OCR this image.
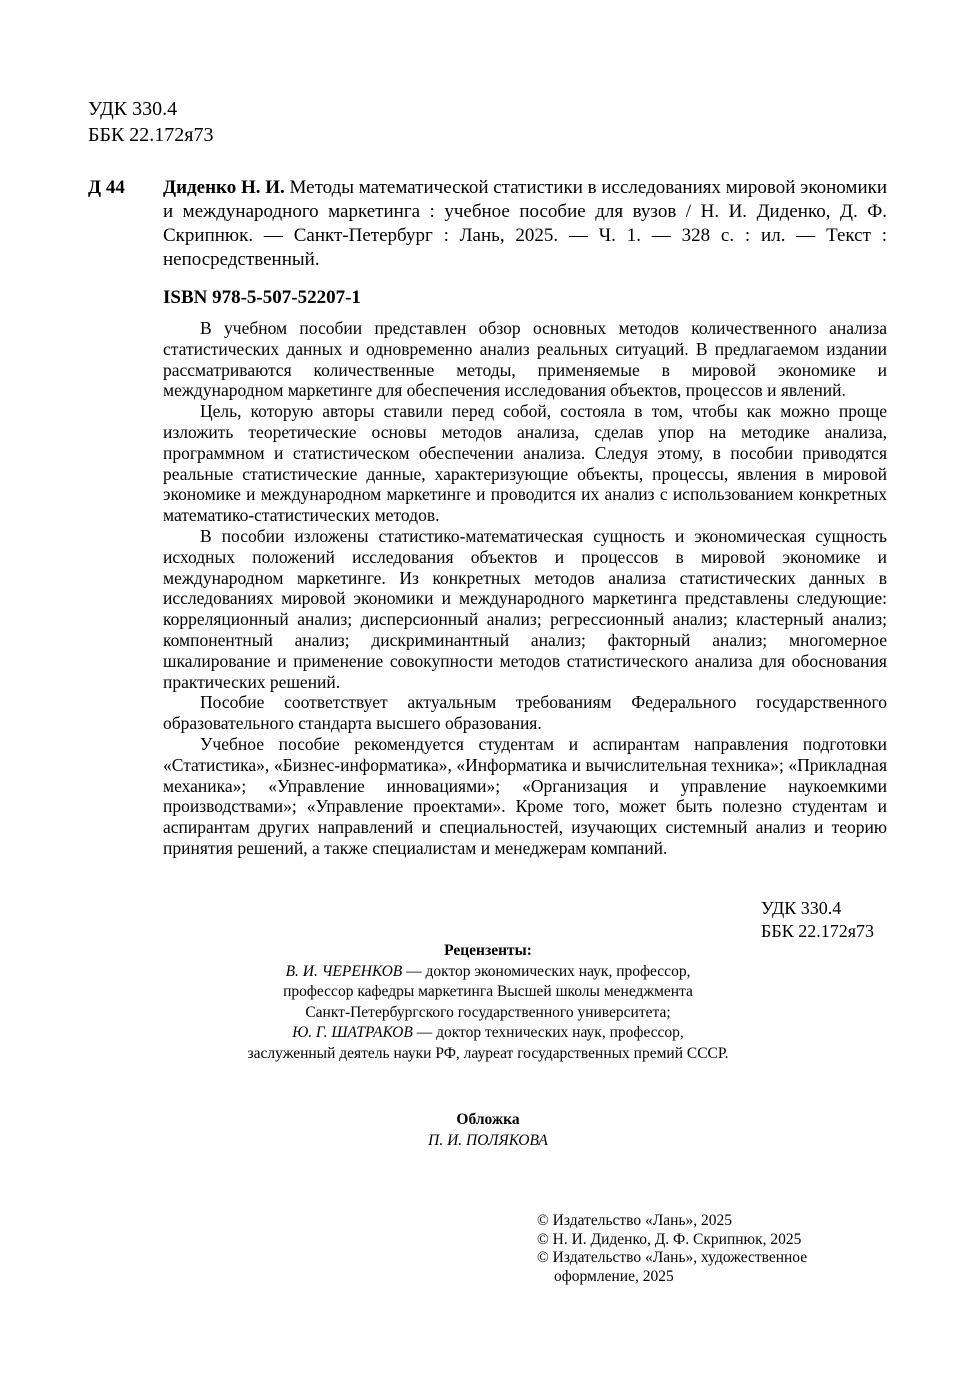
УДК 330.4
ББК 22.172я73
Д 44 Диденко Н. И. Методы математической статистики в исследованиях мировой экономики и международного маркетинга : учебное пособие для вузов / Н. И. Диденко, Д. Ф. Скрипнюк. — Санкт-Петербург : Лань, 2025. — Ч. 1. — 328 с. : ил. — Текст : непосредственный.
ISBN 978-5-507-52207-1

В учебном пособии представлен обзор основных методов количественного анализа статистических данных и одновременно анализ реальных ситуаций. В предлагаемом издании рассматриваются количественные методы, применяемые в мировой экономике и международном маркетинге для обеспечения исследования объектов, процессов и явлений.

Цель, которую авторы ставили перед собой, состояла в том, чтобы как можно проще изложить теоретические основы методов анализа, сделав упор на методике анализа, программном и статистическом обеспечении анализа. Следуя этому, в пособии приводятся реальные статистические данные, характеризующие объекты, процессы, явления в мировой экономике и международном маркетинге и проводится их анализ с использованием конкретных математико-статистических методов.

В пособии изложены статистико-математическая сущность и экономическая сущность исходных положений исследования объектов и процессов в мировой экономике и международном маркетинге. Из конкретных методов анализа статистических данных в исследованиях мировой экономики и международного маркетинга представлены следующие: корреляционный анализ; дисперсионный анализ; регрессионный анализ; кластерный анализ; компонентный анализ; дискриминантный анализ; факторный анализ; многомерное шкалирование и применение совокупности методов статистического анализа для обоснования практических решений.

Пособие соответствует актуальным требованиям Федерального государственного образовательного стандарта высшего образования.

Учебное пособие рекомендуется студентам и аспирантам направления подготовки «Статистика», «Бизнес-информатика», «Информатика и вычислительная техника»; «Прикладная механика»; «Управление инновациями»; «Организация и управление наукоемкими производствами»; «Управление проектами». Кроме того, может быть полезно студентам и аспирантам других направлений и специальностей, изучающих системный анализ и теорию принятия решений, а также специалистам и менеджерам компаний.

УДК 330.4
ББК 22.172я73
Рецензенты:
В. И. ЧЕРЕНКОВ — доктор экономических наук, профессор,
профессор кафедры маркетинга Высшей школы менеджмента
Санкт-Петербургского государственного университета;
Ю. Г. ШАТРАКОВ — доктор технических наук, профессор,
заслуженный деятель науки РФ, лауреат государственных премий СССР.
Обложка
П. И. ПОЛЯКОВА
© Издательство «Лань», 2025
© Н. И. Диденко, Д. Ф. Скрипнюк, 2025
© Издательство «Лань», художественное
оформление, 2025
